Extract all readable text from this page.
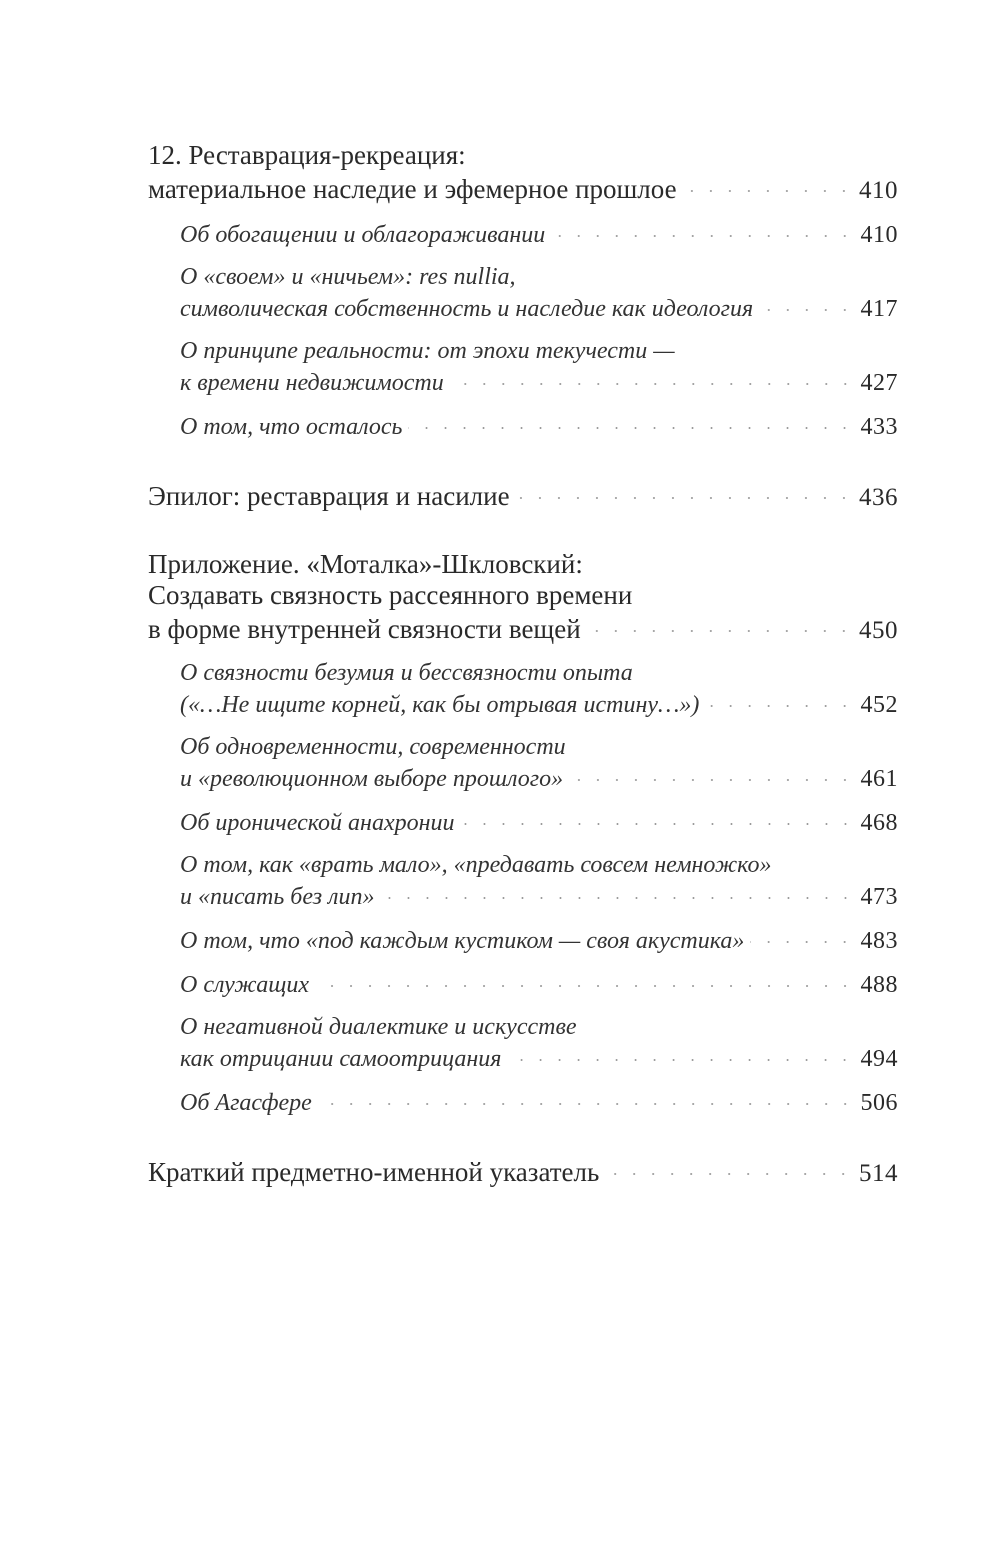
12. Реставрация-рекреация:
материальное наследие и эфемерное прошлое	410
Об обогащении и облагораживании	410
О «своем» и «ничьем»: res nullia,
символическая собственность и наследие как идеология	417
О принципе реальности: от эпохи текучести —
к времени недвижимости	427
О том, что осталось	433
Эпилог: реставрация и насилие	436
Приложение. «Моталка»-Шкловский:
Создавать связность рассеянного времени
в форме внутренней связности вещей	450
О связности безумия и бессвязности опыта
(«…Не ищите корней, как бы отрывая истину…»)	452
Об одновременности, современности
и «революционном выборе прошлого»	461
Об иронической анахронии	468
О том, как «врать мало», «предавать совсем немножко»
и «писать без лип»	473
О том, что «под каждым кустиком — своя акустика»	483
О служащих	488
О негативной диалектике и искусстве
как отрицании самоотрицания	494
Об Агасфере	506
Краткий предметно-именной указатель	514
